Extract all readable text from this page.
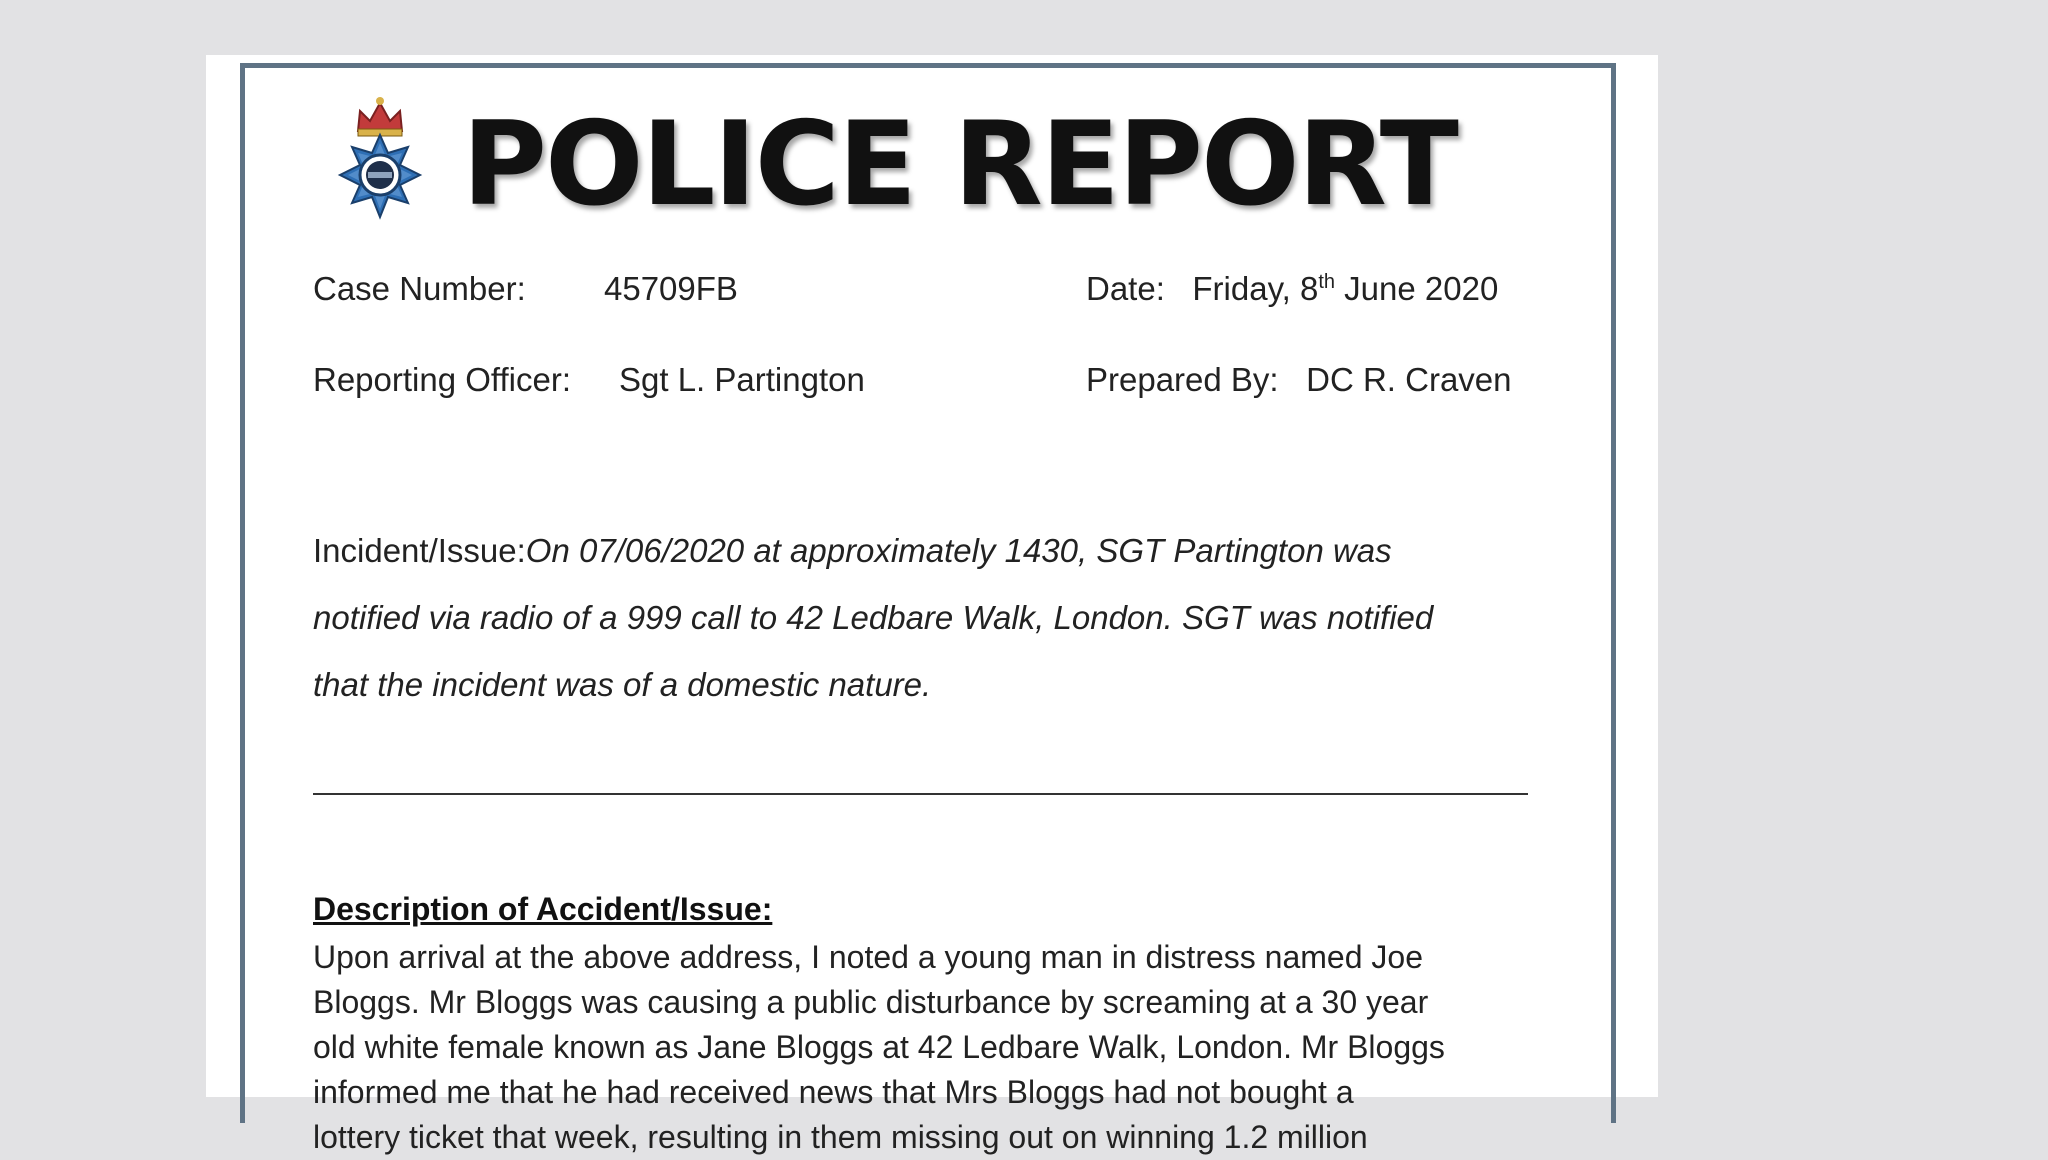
POLICE REPORT
Case Number: 45709FB	Date: Friday, 8th June 2020
Reporting Officer: Sgt L. Partington	Prepared By: DC R. Craven
Incident/Issue:On 07/06/2020 at approximately 1430, SGT Partington was
notified via radio of a 999 call to 42 Ledbare Walk, London. SGT was notified
that the incident was of a domestic nature.
Description of Accident/Issue:
Upon arrival at the above address, I noted a young man in distress named Joe
Bloggs. Mr Bloggs was causing a public disturbance by screaming at a 30 year
old white female known as Jane Bloggs at 42 Ledbare Walk, London. Mr Bloggs
informed me that he had received news that Mrs Bloggs had not bought a
lottery ticket that week, resulting in them missing out on winning 1.2 million
